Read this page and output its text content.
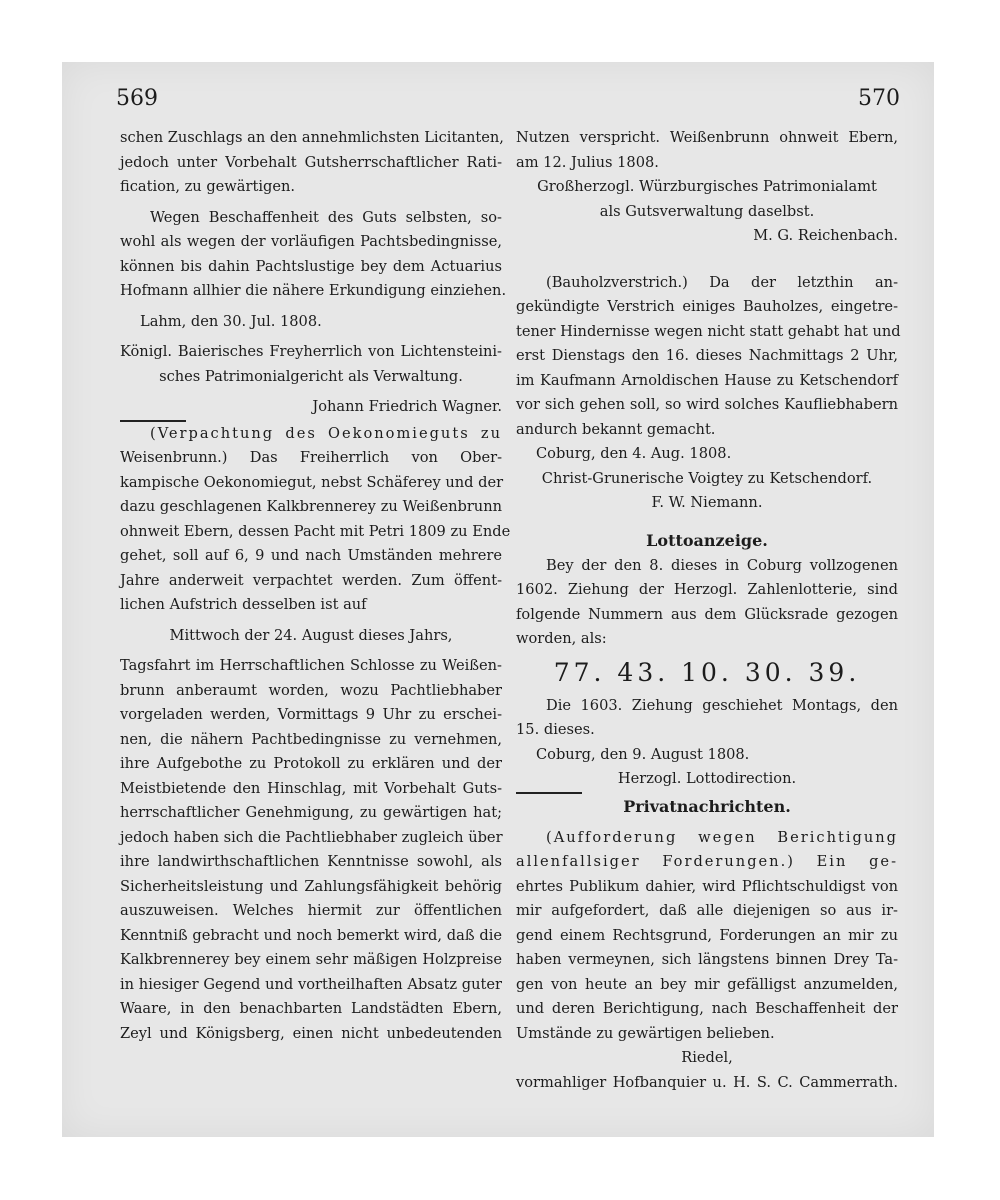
569	570
schen Zuschlags an den annehmlichsten Licitanten,
jedoch unter Vorbehalt Gutsherrschaftlicher Rati-
fication, zu gewärtigen.
Wegen Beschaffenheit des Guts selbsten, so-
wohl als wegen der vorläufigen Pachtsbedingnisse,
können bis dahin Pachtslustige bey dem Actuarius
Hofmann allhier die nähere Erkundigung einziehen.
Lahm, den 30. Jul. 1808.
Königl. Baierisches Freyherrlich von Lichtensteini-
sches Patrimonialgericht als Verwaltung.
Johann Friedrich Wagner.
(Verpachtung des Oekonomieguts zu
Weisenbrunn.) Das Freiherrlich von Ober-
kampische Oekonomiegut, nebst Schäferey und der
dazu geschlagenen Kalkbrennerey zu Weißenbrunn
ohnweit Ebern, dessen Pacht mit Petri 1809 zu Ende
gehet, soll auf 6, 9 und nach Umständen mehrere
Jahre anderweit verpachtet werden. Zum öffent-
lichen Aufstrich desselben ist auf
Mittwoch der 24. August dieses Jahrs,
Tagsfahrt im Herrschaftlichen Schlosse zu Weißen-
brunn anberaumt worden, wozu Pachtliebhaber
vorgeladen werden, Vormittags 9 Uhr zu erschei-
nen, die nähern Pachtbedingnisse zu vernehmen,
ihre Aufgebothe zu Protokoll zu erklären und der
Meistbietende den Hinschlag, mit Vorbehalt Guts-
herrschaftlicher Genehmigung, zu gewärtigen hat;
jedoch haben sich die Pachtliebhaber zugleich über
ihre landwirthschaftlichen Kenntnisse sowohl, als
Sicherheitsleistung und Zahlungsfähigkeit behörig
auszuweisen. Welches hiermit zur öffentlichen
Kenntniß gebracht und noch bemerkt wird, daß die
Kalkbrennerey bey einem sehr mäßigen Holzpreise
in hiesiger Gegend und vortheilhaften Absatz guter
Waare, in den benachbarten Landstädten Ebern,
Zeyl und Königsberg, einen nicht unbedeutenden
Nutzen verspricht. Weißenbrunn ohnweit Ebern,
am 12. Julius 1808.
Großherzogl. Würzburgisches Patrimonialamt
als Gutsverwaltung daselbst.
M. G. Reichenbach.
(Bauholzverstrich.) Da der letzthin an-
gekündigte Verstrich einiges Bauholzes, eingetre-
tener Hindernisse wegen nicht statt gehabt hat und
erst Dienstags den 16. dieses Nachmittags 2 Uhr,
im Kaufmann Arnoldischen Hause zu Ketschendorf
vor sich gehen soll, so wird solches Kaufliebhabern
andurch bekannt gemacht.
Coburg, den 4. Aug. 1808.
Christ-Grunerische Voigtey zu Ketschendorf.
F. W. Niemann.
Lottoanzeige.
Bey der den 8. dieses in Coburg vollzogenen
1602. Ziehung der Herzogl. Zahlenlotterie, sind
folgende Nummern aus dem Glücksrade gezogen
worden, als:
77. 43. 10. 30. 39.
Die 1603. Ziehung geschiehet Montags, den
15. dieses.
Coburg, den 9. August 1808.
Herzogl. Lottodirection.
Privatnachrichten.
(Aufforderung wegen Berichtigung
allenfallsiger Forderungen.) Ein ge-
ehrtes Publikum dahier, wird Pflichtschuldigst von
mir aufgefordert, daß alle diejenigen so aus ir-
gend einem Rechtsgrund, Forderungen an mir zu
haben vermeynen, sich längstens binnen Drey Ta-
gen von heute an bey mir gefälligst anzumelden,
und deren Berichtigung, nach Beschaffenheit der
Umstände zu gewärtigen belieben.
Riedel,
vormahliger Hofbanquier u. H. S. C. Cammerrath.
